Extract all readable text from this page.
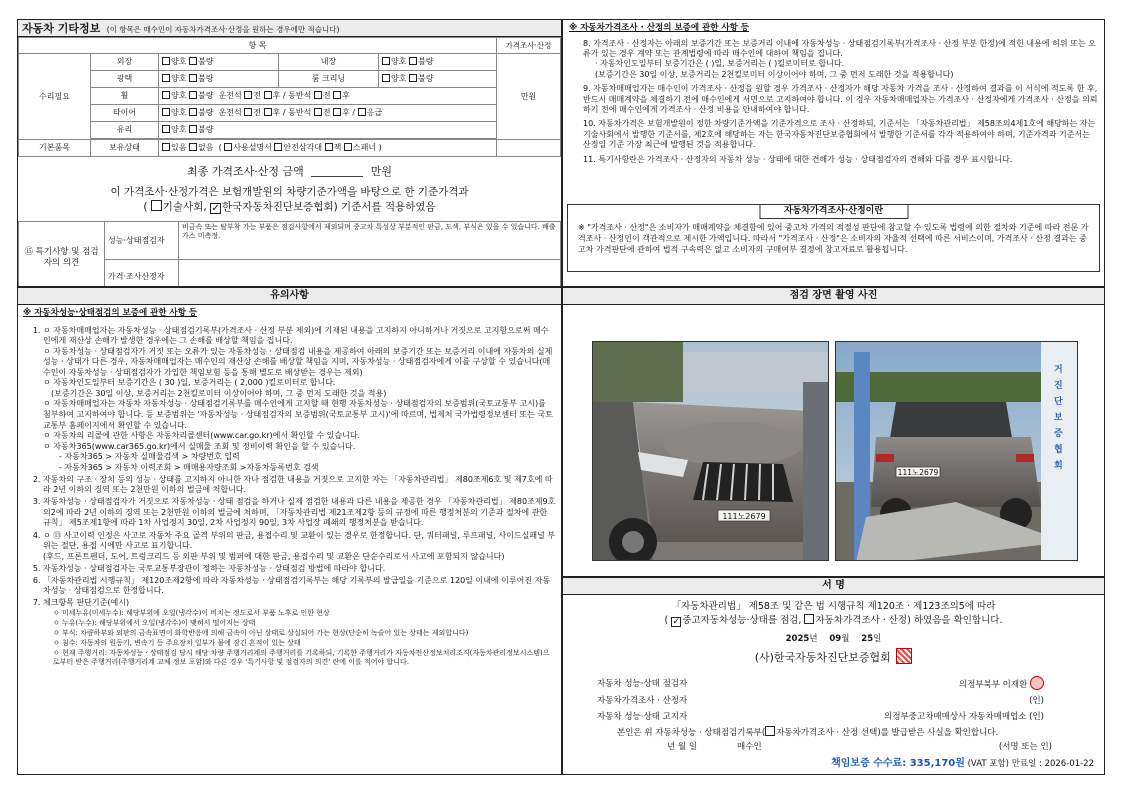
자동차 기타정보 (이 항목은 매수인이 자동차가격조사·산정을 원하는 경우에만 적습니다)
항 목					가격조사·산정
수리필요	외장	양호 불량	내장	양호 불량	만원
	광택	양호 불량	룸 크리닝	양호 불량	
	휠	양호 불량 운전석 전 후 / 동반석 전 후			
	타이어	양호 불량 운전석 전 후 / 동반석 전 후 / 응급			
	유리	양호 불량			

기본품목	보유상태	있음 없음  ( 사용설명서 안전삼각대 잭 스패너 )			
최종 가격조사·산정 금액	만원
이 가격조사·산정가격은 보험개발원의 차량기준가액을 바탕으로 한 기준가격과
( 기술사회, ✓ 한국자동차진단보증협회) 기준서를 적용하였음
⑮ 특기사항 및 점검자의 의견	성능·상태점검자	비금속 또는 탈부착 가능 부품은 점검사항에서 제외되며 중고차 특성상 부분적인 판금, 도색, 부식은 있을 수 있습니다. 배출가스 미측정.
	가격·조사산정자	
※ 자동차가격조사 · 산정의 보증에 관한 사항 등
8. 가격조사 · 산정자는 아래의 보증기간 또는 보증거리 이내에 자동차성능 · 상태점검기록부(가격조사 · 산정 부분 한정)에 적힌 내용에 허위 또는 오류가 있는 경우 계약 또는 관계법령에 따라 매수인에 대하여 책임을 집니다.
· 자동차인도일부터 보증기간은 ( )일, 보증거리는 ( )킬로미터로 합니다.
(보증기간은 30일 이상, 보증거리는 2천킬로미터 이상이어야 하며, 그 중 먼저 도래한 것을 적용합니다)
9. 자동차매매업자는 매수인이 가격조사 · 산정을 원할 경우 가격조사 · 산정자가 해당 자동차 가격을 조사 · 산정하여 결과를 이 서식에 적도록 한 후, 반드시 매매계약을 체결하기 전에 매수인에게 서면으로 고지하여야 합니다. 이 경우 자동차매매업자는 가격조사 · 산정자에게 가격조사 · 산정을 의뢰하기 전에 매수인에게 가격조사 · 산정 비용을 안내하여야 합니다.
10. 자동차가격은 보험개발원이 정한 차량기준가액을 기준가격으로 조사 · 산정하되, 기준서는 「자동차관리법」 제58조의4제1호에 해당하는 자는 기술사회에서 발행한 기준서를, 제2호에 해당하는 자는 한국자동차진단보증협회에서 발행한 기준서를 각각 적용하여야 하며, 기준가격과 기준서는 산정일 기준 가장 최근에 발행된 것을 적용합니다.
11. 특기사항란은 가격조사 · 산정자의 자동차 성능 · 상태에 대한 견해가 성능 · 상태점검자의 견해와 다를 경우 표시합니다.
자동차가격조사·산정이란
※ "가격조사 · 산정"은 소비자가 매매계약을 체결함에 있어 중고차 가격의 적절성 판단에 참고할 수 있도록 법령에 의한 절차와 기준에 따라 전문 가격조사 · 산정인이 객관적으로 제시한 가액입니다. 따라서 "가격조사 · 산정"은 소비자의 자율적 선택에 따른 서비스이며, 가격조사 · 산정 결과는 중고차 가격판단에 관하여 법적 구속력은 없고 소비자의 구매여부 결정에 참고자료로 활용됩니다.
유의사항
※ 자동차성능·상태점검의 보증에 관한 사항 등
1. ㅇ 자동차매매업자는 자동차성능 · 상태점검기록부(가격조사 · 산정 부분 제외)에 기재된 내용을 고지하지 아니하거나 거짓으로 고지함으로써 매수인에게 재산상 손해가 발생한 경우에는 그 손해를 배상할 책임을 집니다.
ㅇ 자동차성능 · 상태점검자가 거짓 또는 오류가 있는 자동차성능 · 상태점검 내용을 제공하여 아래의 보증기간 또는 보증거리 이내에 자동차의 실제 성능 · 상태가 다른 경우, 자동차매매업자는 매수인의 재산상 손해를 배상할 책임을 지며, 자동차성능 · 상태점검자에게 이를 구상할 수 있습니다(매수인이 자동차성능 · 상태점검자가 가입한 책임보험 등을 통해 별도로 배상받는 경우는 제외)
ㅇ 자동차인도일부터 보증기간은 ( 30 )일, 보증거리는 ( 2,000 )킬로미터로 합니다.
(보증기간은 30일 이상, 보증거리는 2천킬로미터 이상이어야 하며, 그 중 먼저 도래한 것을 적용)
ㅇ 자동차매매업자는 자동차 자동차성능 · 상태점검기록부를 매수인에게 고지할 때 현행 자동차성능 · 상태점검자의 보증범위(국토교통부 고시)를 첨부하여 고지하여야 합니다. 등 보증범위는 '자동차성능 · 상태점검자의 보증범위(국토교통부 고시)'에 따르며, 법제처 국가법령정보센터 또는 국토교통부 홈페이지에서 확인할 수 있습니다.
ㅇ 자동차의 리콜에 관한 사항은 자동차리콜센터(www.car.go.kr)에서 확인할 수 있습니다.
ㅇ 자동차365(www.car365.go.kr)에서 실매물 조회 및 정비이력 확인을 할 수 있습니다.
- 자동차365 > 자동차 실매물검색 > 차량번호 입력
- 자동차365 > 자동차 이력조회 > 매매용자량조회 >자동차등록번호 검색
2. 자동차의 구조 · 장치 등의 성능 · 상태를 고지하지 아니한 자나 점검한 내용을 거짓으로 고지한 자는 「자동차관리법」 제80조제6호 및 제7호에 따라 2년 이하의 징역 또는 2천만원 이하의 벌금에 처합니다.
3. 자동차성능 · 상태점검자가 거짓으로 자동차성능 · 상태 점검을 하거나 실제 점검한 내용과 다른 내용을 제공한 경우 「자동차관리법」 제80조제9호의2에 따라 2년 이하의 징역 또는 2천만원 이하의 벌금에 처하며, 「자동차관리법 제21조제2항 등의 규정에 따른 행정처분의 기준과 절차에 관한 규칙」 제5조제1항에 따라 1차 사업정지 30일, 2차 사업정지 90일, 3차 사업장 폐쇄의 행정처분을 받습니다.
4. ㅇ ⑬ 사고이력 인정은 사고로 자동차 주요 골격 부위의 판금, 용접수리 및 교환이 있는 경우로 한정합니다. 단, 쿼터패널, 루프패널, 사이드실패널 부위는 절단, 용접 시에만 사고로 표기합니다.
(후드, 프론트펜더, 도어, 트렁크리드 등 외판 부위 및 범퍼에 대한 판금, 용접수리 및 교환은 단순수리로서 사고에 포함되지 않습니다)
5. 자동차성능 · 상태점검자는 국토교통부장관이 정하는 자동차성능 · 상태점검 방법에 따라야 합니다.
6. 「자동차관리법 시행규칙」 제120조제2항에 따라 자동차성능 · 상태점검기록부는 해당 기록부의 발급일을 기준으로 120일 이내에 이루어진 자동차성능 · 상태점검으로 한정합니다.
7. 체크항목 판단기준(예시)
ㅇ 미세누유(미세누수): 해당부위에 오일(냉각수)이 비치는 정도로서 부품 노후로 인한 현상
ㅇ 누유(누수): 해당부위에서 오일(냉각수)이 맺혀서 떨어지는 상태
ㅇ 부식: 차량하부와 외판의 금속표면이 화학반응에 의해 금속이 아닌 상태로 상실되어 가는 현상(단순히 녹슬어 있는 상태는 제외합니다)
ㅇ 침수: 자동차의 원동기, 변속기 등 주요장치 일부가 물에 잠긴 흔적이 있는 상태
ㅇ 현재 주행거리: 자동차성능 · 상태점검 당시 해당 차량 주행거리계의 주행거리를 기록하되, 기록한 주행거리가 자동차전산정보처리조직(자동차관리정보시스템)으로부터 받은 주행거리(주행거리계 교체 정보 포함)와 다른 경우 '특기사항 및 점검자의 의견' 란에 이를 적어야 합니다.
점검 장면 촬영 사진
111노2679
111노2679
거
진
단
보
증
협
회
서 명
「자동차관리법」 제58조 및 같은 법 시행규칙 제120조 · 제123조의5에 따라
( ✓ 중고자동차성능·상태를 점검, 자동차가격조사 · 산정) 하였음을 확인합니다.
2025년 09월 25일
(사)한국자동차진단보증협회
자동차 성능·상태 점검자	의정부북부 이재환
자동차가격조사 · 산정자	(인)
자동차 성능·상태 고지자	의정부중고차매매상사 자동차매매업소 (인)
본인은 위 자동차성능 · 상태점검기록부( 자동차가격조사 · 산정 선택)를 발급받은 사실을 확인합니다.
년 월 일	매수인	(서명 또는 인)
책임보증 수수료: 335,170원 (VAT 포함) 만료일 : 2026-01-22
